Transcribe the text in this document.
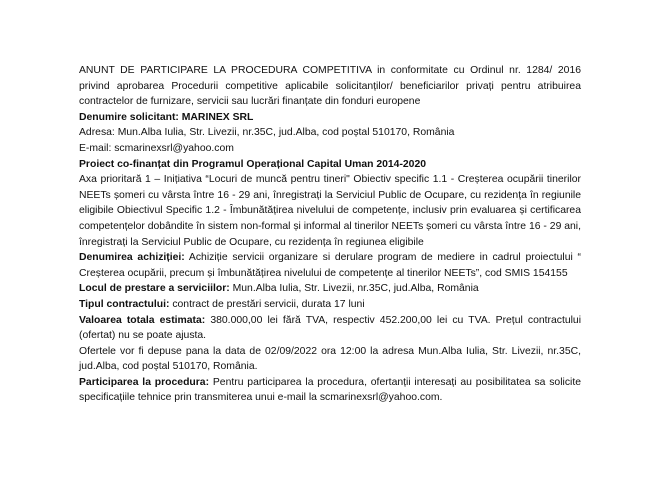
ANUNT DE PARTICIPARE LA PROCEDURA COMPETITIVA in conformitate cu Ordinul nr. 1284/ 2016 privind aprobarea Procedurii competitive aplicabile solicitanților/ beneficiarilor privați pentru atribuirea contractelor de furnizare, servicii sau lucrări finanțate din fonduri europene

Denumire solicitant: MARINEX SRL

Adresa: Mun.Alba Iulia, Str. Livezii, nr.35C, jud.Alba, cod poștal 510170, România

E-mail: scmarinexsrl@yahoo.com

Proiect co-finanțat din Programul Operațional Capital Uman 2014-2020

Axa prioritară 1 – Inițiativa “Locuri de muncă pentru tineri" Obiectiv specific 1.1 - Creșterea ocupării tinerilor NEETs șomeri cu vârsta între 16 - 29 ani, înregistrați la Serviciul Public de Ocupare, cu rezidența în regiunile eligibile Obiectivul Specific 1.2 - Îmbunătățirea nivelului de competențe, inclusiv prin evaluarea și certificarea competențelor dobândite în sistem non-formal și informal al tinerilor NEETs șomeri cu vârsta între 16 - 29 ani, înregistrați la Serviciul Public de Ocupare, cu rezidența în regiunea eligibile

Denumirea achiziției: Achiziție servicii organizare si derulare program de mediere in cadrul proiectului “ Creșterea ocupării, precum și îmbunătățirea nivelului de competențe al tinerilor NEETs”, cod SMIS 154155

Locul de prestare a serviciilor: Mun.Alba Iulia, Str. Livezii, nr.35C, jud.Alba, România

Tipul contractului: contract de prestări servicii, durata 17 luni

Valoarea totala estimata: 380.000,00 lei fără TVA, respectiv 452.200,00 lei cu TVA. Prețul contractului (ofertat) nu se poate ajusta.

Ofertele vor fi depuse pana la data de 02/09/2022 ora 12:00 la adresa Mun.Alba Iulia, Str. Livezii, nr.35C, jud.Alba, cod poștal 510170, România.

Participarea la procedura: Pentru participarea la procedura, ofertanții interesați au posibilitatea sa solicite specificațiile tehnice prin transmiterea unui e-mail la scmarinexsrl@yahoo.com.
